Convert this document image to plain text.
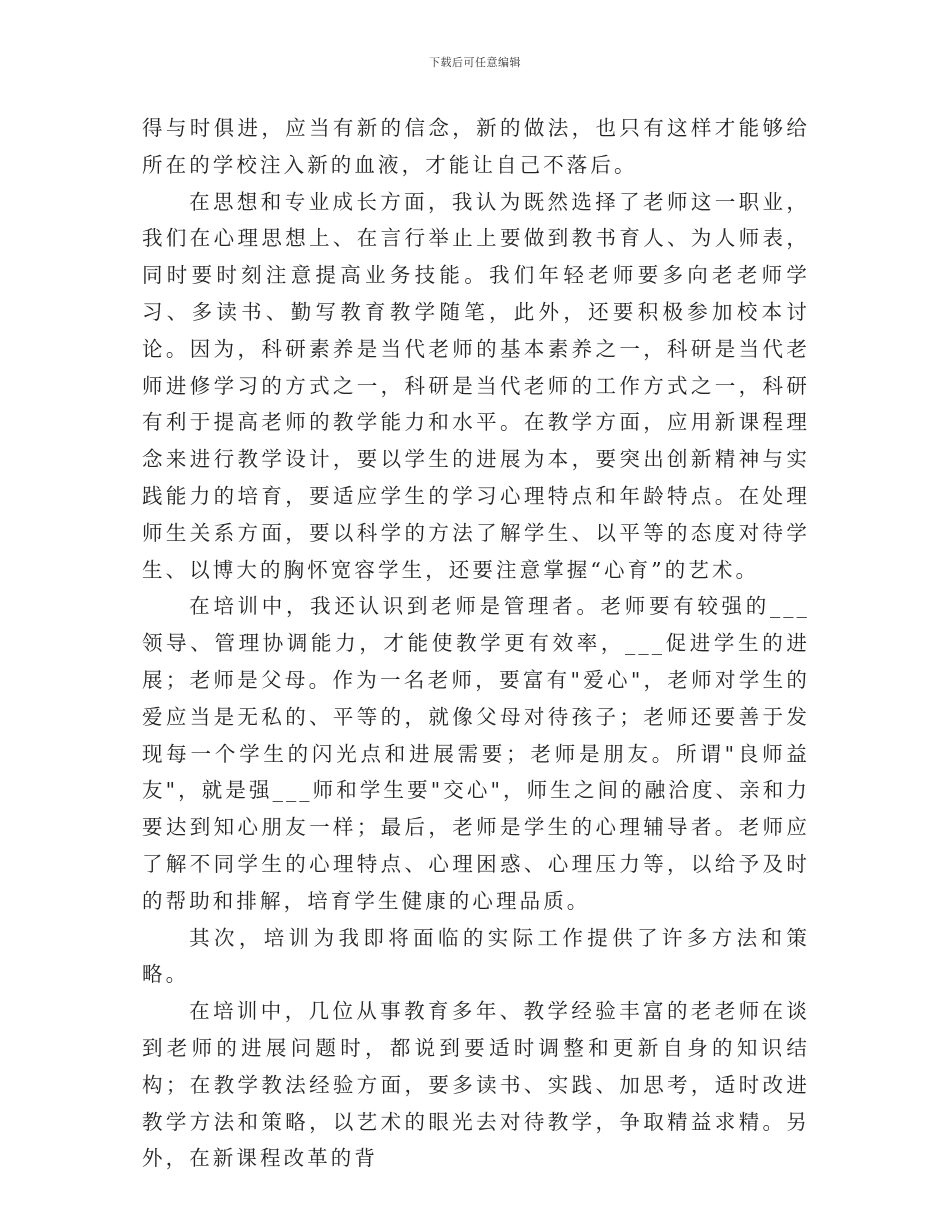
下载后可任意编辑

得与时俱进，应当有新的信念，新的做法，也只有这样才能够给所在的学校注入新的血液，才能让自己不落后。

在思想和专业成长方面，我认为既然选择了老师这一职业，我们在心理思想上、在言行举止上要做到教书育人、为人师表，同时要时刻注意提高业务技能。我们年轻老师要多向老老师学习、多读书、勤写教育教学随笔，此外，还要积极参加校本讨论。因为，科研素养是当代老师的基本素养之一，科研是当代老师进修学习的方式之一，科研是当代老师的工作方式之一，科研有利于提高老师的教学能力和水平。在教学方面，应用新课程理念来进行教学设计，要以学生的进展为本，要突出创新精神与实践能力的培育，要适应学生的学习心理特点和年龄特点。在处理师生关系方面，要以科学的方法了解学生、以平等的态度对待学生、以博大的胸怀宽容学生，还要注意掌握“心育”的艺术。

在培训中，我还认识到老师是管理者。老师要有较强的___领导、管理协调能力，才能使教学更有效率，___促进学生的进展；老师是父母。作为一名老师，要富有"爱心"，老师对学生的爱应当是无私的、平等的，就像父母对待孩子；老师还要善于发现每一个学生的闪光点和进展需要；老师是朋友。所谓"良师益友"，就是强___师和学生要"交心"，师生之间的融洽度、亲和力要达到知心朋友一样；最后，老师是学生的心理辅导者。老师应了解不同学生的心理特点、心理困惑、心理压力等，以给予及时的帮助和排解，培育学生健康的心理品质。

其次，培训为我即将面临的实际工作提供了许多方法和策略。

在培训中，几位从事教育多年、教学经验丰富的老老师在谈到老师的进展问题时，都说到要适时调整和更新自身的知识结构；在教学教法经验方面，要多读书、实践、加思考，适时改进教学方法和策略，以艺术的眼光去对待教学，争取精益求精。另外，在新课程改革的背
